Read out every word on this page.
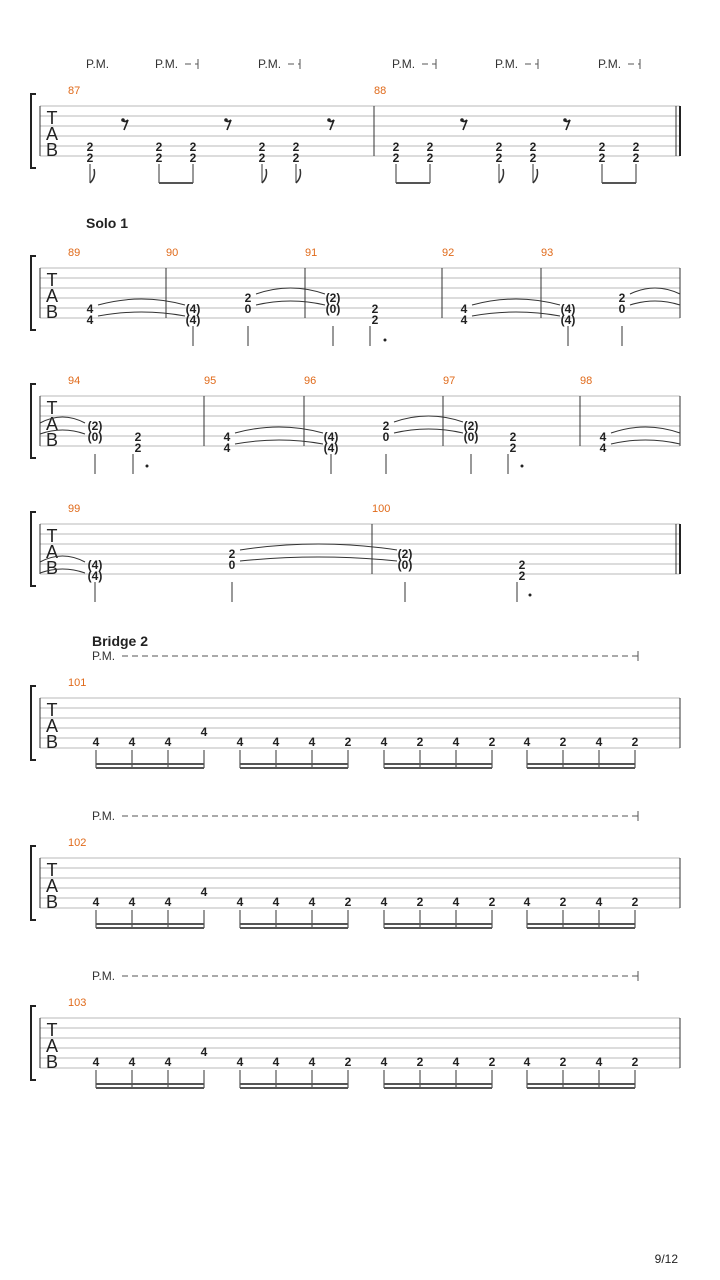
T
A
B
87	88
P.M.	P.M.	P.M.	P.M.	P.M.	P.M.
2
2
2
2
2
2
2
2
2
2
2
2
2
2
2
2
2
2
2
2
2
2
Solo 1
T
A
B
89	90	91	92	93
4
4
(4)
(4)
2
0
(2)
(0)	2
2
4
4
(4)
(4)
2
0
T
A
B
94	95	96	97	98
(2)
(0)	2
2
4
4
(4)
(4)
2
0
(2)
(0)	2
2
4
4
T
A
B
99	100
(4)
(4)
2
0
(2)
(0)	2
2
Bridge 2
P.M.
T
A
B
101
4 4 4
4
4 4 4 2 4 2 4 2 4 2 4 2
P.M.
T
A
B
102
4 4 4
4
4 4 4 2 4 2 4 2 4 2 4 2
P.M.
T
A
B
103
4 4 4
4
4 4 4 2 4 2 4 2 4 2 4 2
9/12
